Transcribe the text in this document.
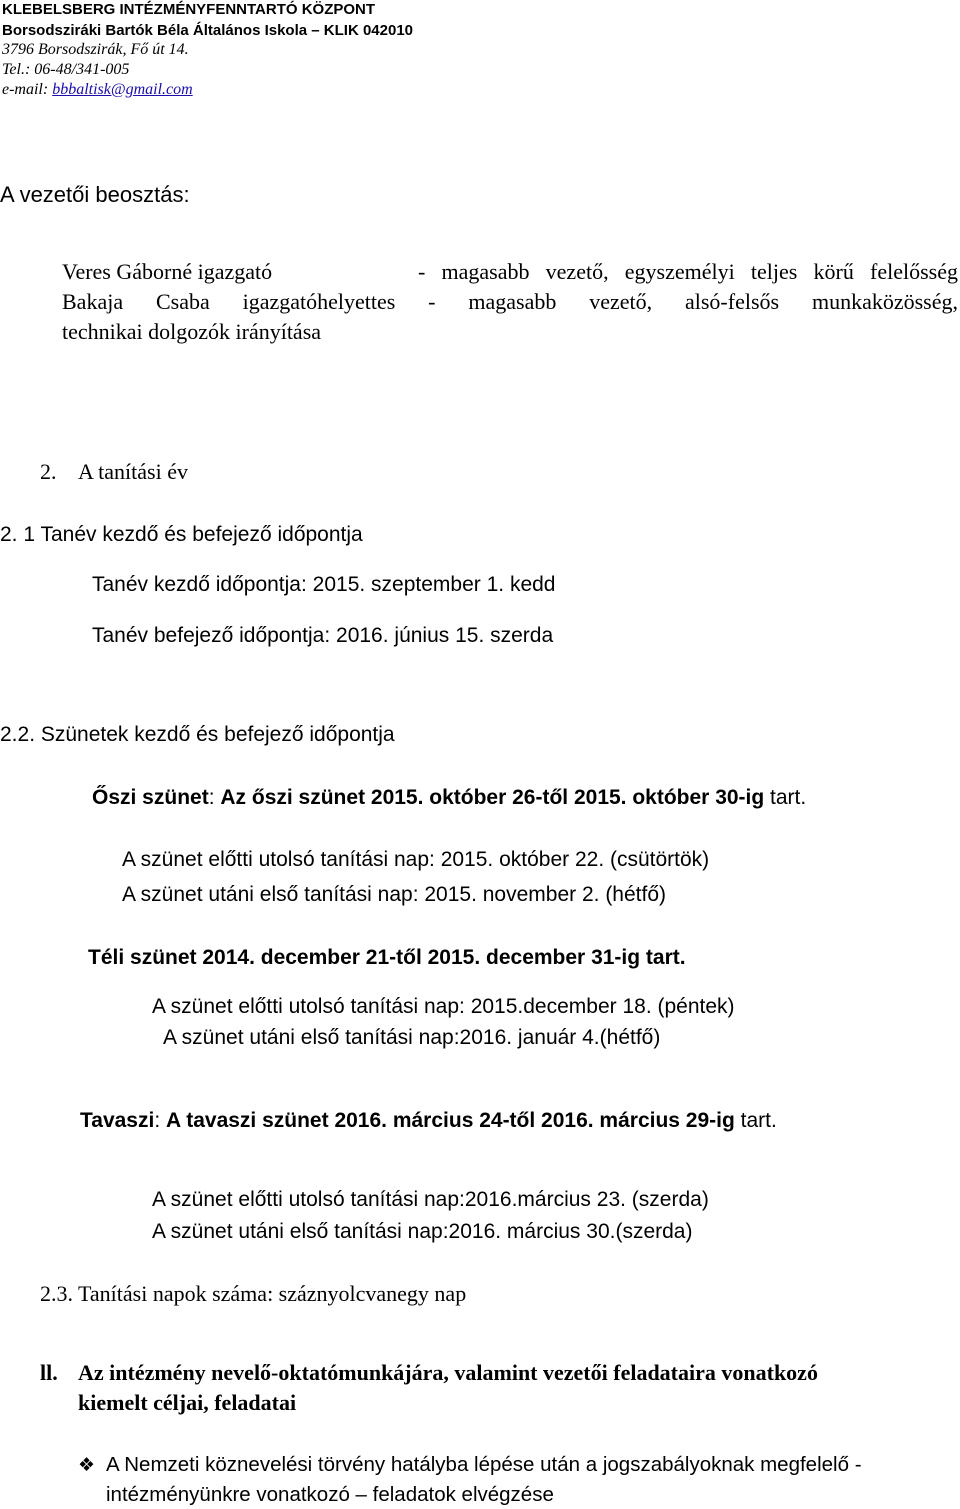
KLEBELSBERG INTÉZMÉNYFENNTARTÓ KÖZPONT
Borsodsziráki Bartók Béla Általános Iskola – KLIK 042010
3796 Borsodszirák, Fő út 14.
Tel.: 06-48/341-005
e-mail: bbbaltisk@gmail.com
A vezetői beosztás:
Veres Gáborné igazgató	- magasabb vezető, egyszemélyi teljes körű felelősség
Bakaja Csaba igazgatóhelyettes - magasabb vezető, alsó-felsős munkaközösség,
technikai dolgozók irányítása
2. A tanítási év
2. 1 Tanév kezdő és befejező időpontja
Tanév kezdő időpontja: 2015. szeptember 1. kedd
Tanév befejező időpontja: 2016. június 15. szerda
2.2. Szünetek kezdő és befejező időpontja
Őszi szünet: Az őszi szünet 2015. október 26-től 2015. október 30-ig tart.
A szünet előtti utolsó tanítási nap: 2015. október 22. (csütörtök)
A szünet utáni első tanítási nap: 2015. november 2. (hétfő)
Téli szünet 2014. december 21-től 2015. december 31-ig tart.
A szünet előtti utolsó tanítási nap: 2015.december 18. (péntek)
A szünet utáni első tanítási nap:2016. január 4.(hétfő)
Tavaszi: A tavaszi szünet 2016. március 24-től 2016. március 29-ig tart.
A szünet előtti utolsó tanítási nap:2016.március 23. (szerda)
A szünet utáni első tanítási nap:2016. március 30.(szerda)
2.3. Tanítási napok száma: száznyolcvanegy nap
ll. Az intézmény nevelő-oktatómunkájára, valamint vezetői feladataira vonatkozó
kiemelt céljai, feladatai
❖
A Nemzeti köznevelési törvény hatályba lépése után a jogszabályoknak megfelelő -
intézményünkre vonatkozó – feladatok elvégzése
